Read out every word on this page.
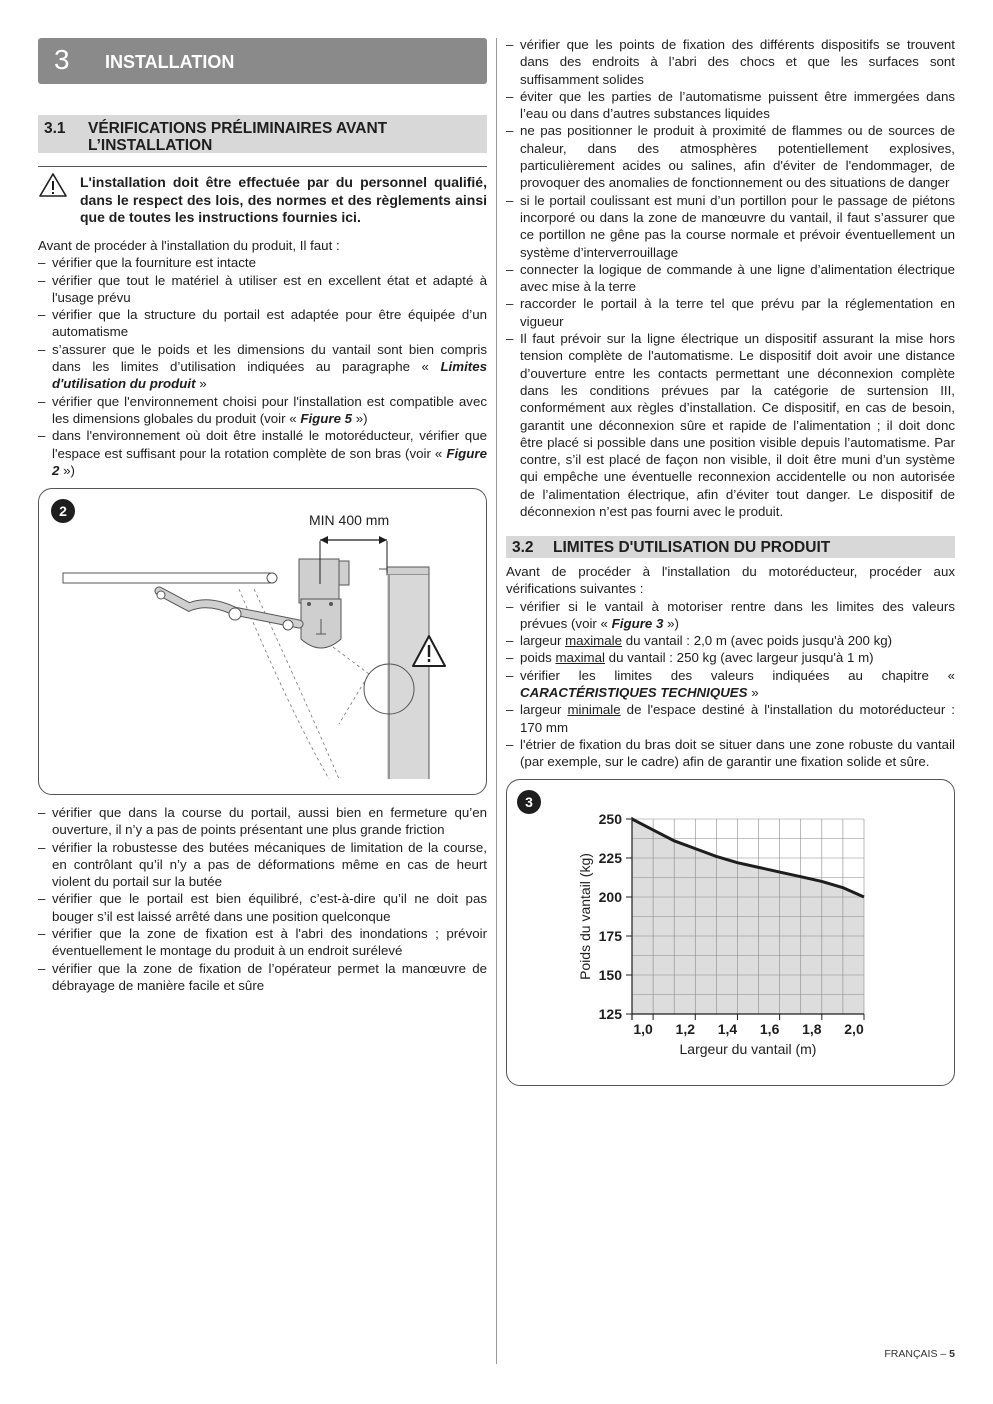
3 INSTALLATION
3.1 VÉRIFICATIONS PRÉLIMINAIRES AVANT
L’INSTALLATION
L'installation doit être effectuée par du personnel qualifié, dans le respect des lois, des normes et des règlements ainsi que de toutes les instructions fournies ici.

Avant de procéder à l'installation du produit, Il faut :

– vérifier que la fourniture est intacte
– vérifier que tout le matériel à utiliser est en excellent état et adapté à l'usage prévu
– vérifier que la structure du portail est adaptée pour être équipée d’un automatisme
– s’assurer que le poids et les dimensions du vantail sont bien compris dans les limites d’utilisation indiquées au paragraphe « Limites d'utilisation du produit »
– vérifier que l'environnement choisi pour l'installation est compatible avec les dimensions globales du produit (voir « Figure 5 »)
– dans l'environnement où doit être installé le motoréducteur, vérifier que l'espace est suffisant pour la rotation complète de son bras (voir « Figure 2 »)
2
MIN 400 mm
– vérifier que dans la course du portail, aussi bien en fermeture qu’en ouverture, il n’y a pas de points présentant une plus grande friction
– vérifier la robustesse des butées mécaniques de limitation de la course, en contrôlant qu’il n’y a pas de déformations même en cas de heurt violent du portail sur la butée
– vérifier que le portail est bien équilibré, c’est-à-dire qu’il ne doit pas bouger s’il est laissé arrêté dans une position quelconque
– vérifier que la zone de fixation est à l'abri des inondations ; prévoir éventuellement le montage du produit à un endroit surélevé
– vérifier que la zone de fixation de l’opérateur permet la manœuvre de débrayage de manière facile et sûre
– vérifier que les points de fixation des différents dispositifs se trouvent dans des endroits à l’abri des chocs et que les surfaces sont suffisamment solides
– éviter que les parties de l’automatisme puissent être immergées dans l’eau ou dans d’autres substances liquides
– ne pas positionner le produit à proximité de flammes ou de sources de chaleur, dans des atmosphères potentiellement explosives, particulièrement acides ou salines, afin d'éviter de l'endommager, de provoquer des anomalies de fonctionnement ou des situations de danger
– si le portail coulissant est muni d’un portillon pour le passage de piétons incorporé ou dans la zone de manœuvre du vantail, il faut s’assurer que ce portillon ne gêne pas la course normale et prévoir éventuellement un système d’interverrouillage
– connecter la logique de commande à une ligne d’alimentation électrique avec mise à la terre
– raccorder le portail à la terre tel que prévu par la réglementation en vigueur
– Il faut prévoir sur la ligne électrique un dispositif assurant la mise hors tension complète de l'automatisme. Le dispositif doit avoir une distance d’ouverture entre les contacts permettant une déconnexion complète dans les conditions prévues par la catégorie de surtension III, conformément aux règles d’installation. Ce dispositif, en cas de besoin, garantit une déconnexion sûre et rapide de l’alimentation ; il doit donc être placé si possible dans une position visible depuis l’automatisme. Par contre, s’il est placé de façon non visible, il doit être muni d’un système qui empêche une éventuelle reconnexion accidentelle ou non autorisée de l’alimentation électrique, afin d’éviter tout danger. Le dispositif de déconnexion n’est pas fourni avec le produit.
3.2 LIMITES D'UTILISATION DU PRODUIT

Avant de procéder à l'installation du motoréducteur, procéder aux vérifications suivantes :

– vérifier si le vantail à motoriser rentre dans les limites des valeurs prévues (voir « Figure 3 »)
– largeur maximale du vantail : 2,0 m (avec poids jusqu'à 200 kg)
– poids maximal du vantail : 250 kg (avec largeur jusqu'à 1 m)
– vérifier les limites des valeurs indiquées au chapitre « CARACTÉRISTIQUES TECHNIQUES »
– largeur minimale de l'espace destiné à l'installation du motoréducteur : 170 mm
– l'étrier de fixation du bras doit se situer dans une zone robuste du vantail (par exemple, sur le cadre) afin de garantir une fixation solide et sûre.
3
1,0 1,2 1,4 1,6 1,8 2,0
125
150
175
200
225
250
Largeur du vantail (m)
Poids du vantail (kg)
FRANÇAIS – 5
